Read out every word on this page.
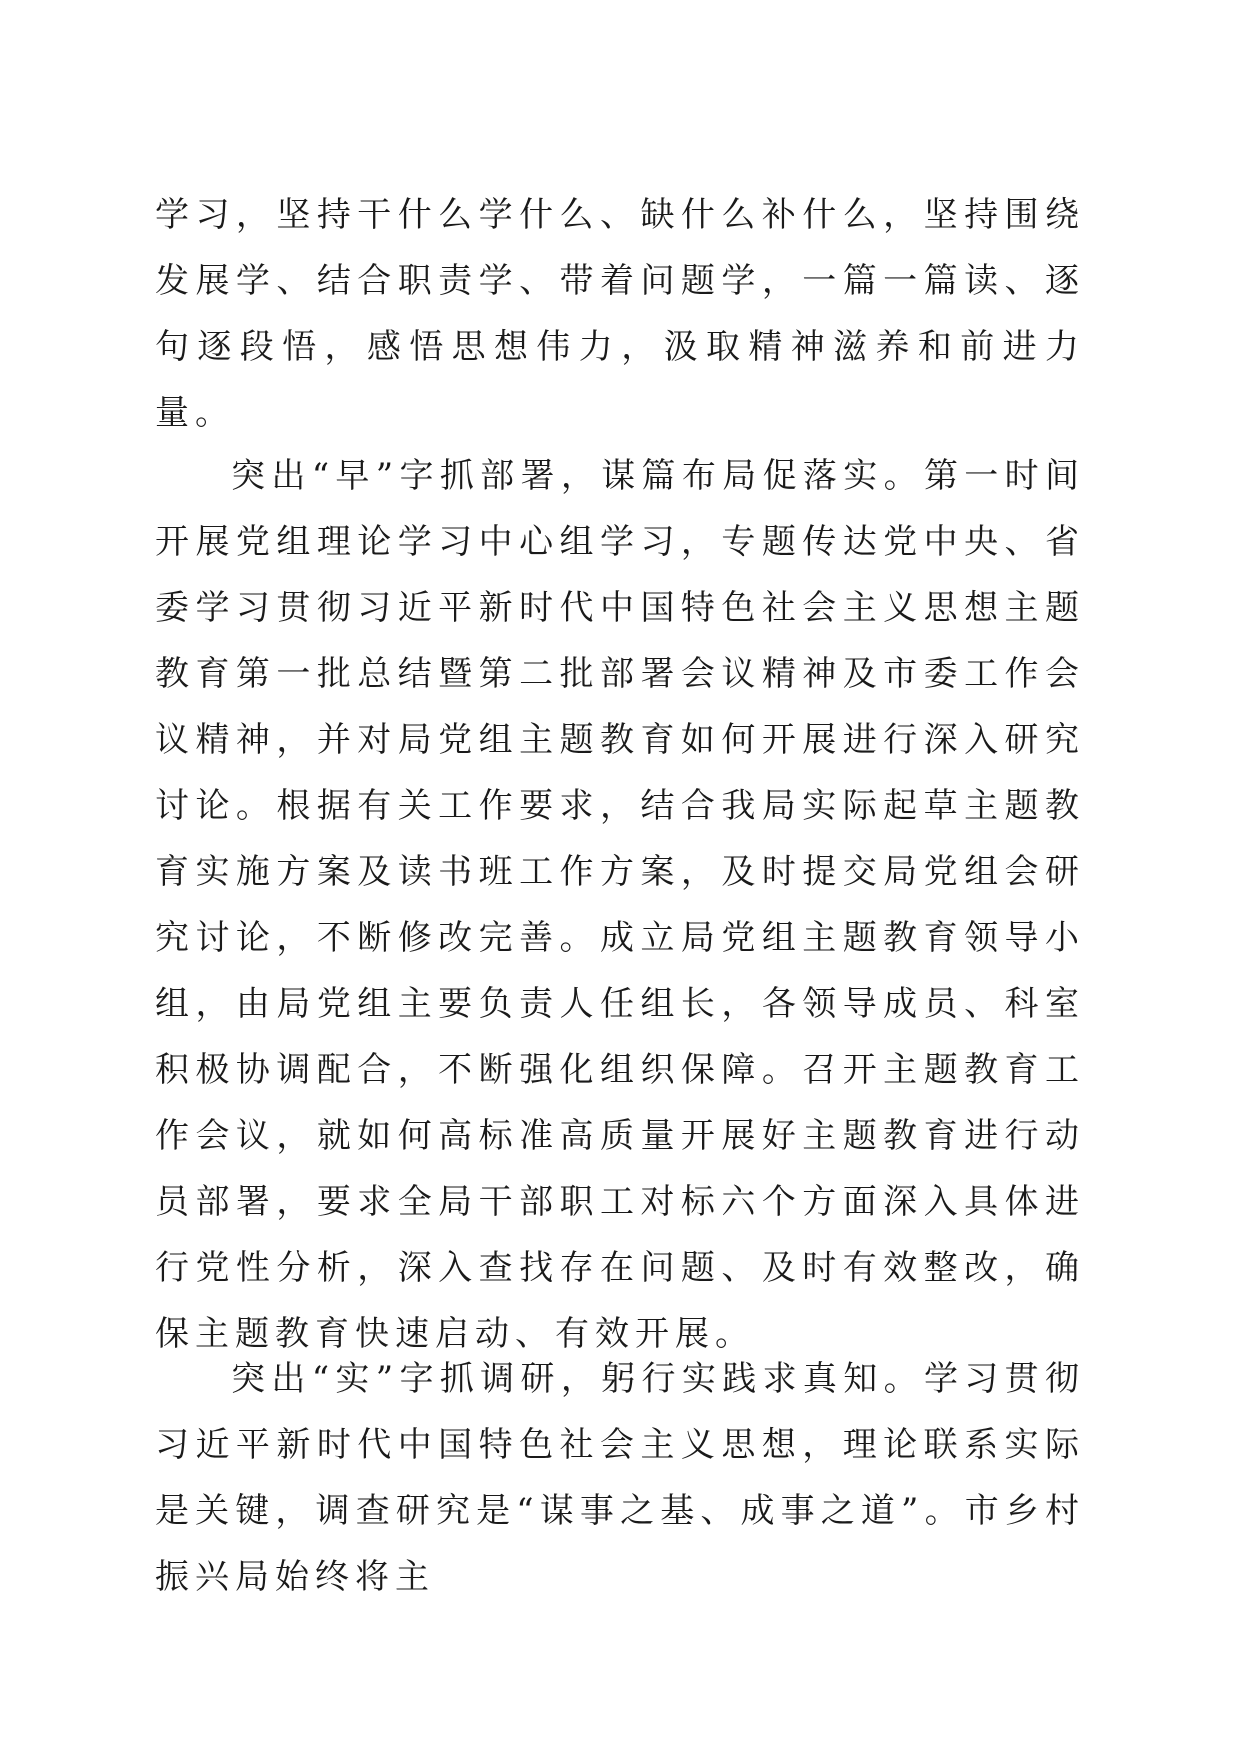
学习，坚持干什么学什么、缺什么补什么，坚持围绕发展学、结合职责学、带着问题学，一篇一篇读、逐句逐段悟，感悟思想伟力，汲取精神滋养和前进力量。

突出“早”字抓部署，谋篇布局促落实。第一时间开展党组理论学习中心组学习，专题传达党中央、省委学习贯彻习近平新时代中国特色社会主义思想主题教育第一批总结暨第二批部署会议精神及市委工作会议精神，并对局党组主题教育如何开展进行深入研究讨论。根据有关工作要求，结合我局实际起草主题教育实施方案及读书班工作方案，及时提交局党组会研究讨论，不断修改完善。成立局党组主题教育领导小组，由局党组主要负责人任组长，各领导成员、科室积极协调配合，不断强化组织保障。召开主题教育工作会议，就如何高标准高质量开展好主题教育进行动员部署，要求全局干部职工对标六个方面深入具体进行党性分析，深入查找存在问题、及时有效整改，确保主题教育快速启动、有效开展。

突出“实”字抓调研，躬行实践求真知。学习贯彻习近平新时代中国特色社会主义思想，理论联系实际是关键，调查研究是“谋事之基、成事之道”。市乡村振兴局始终将主
